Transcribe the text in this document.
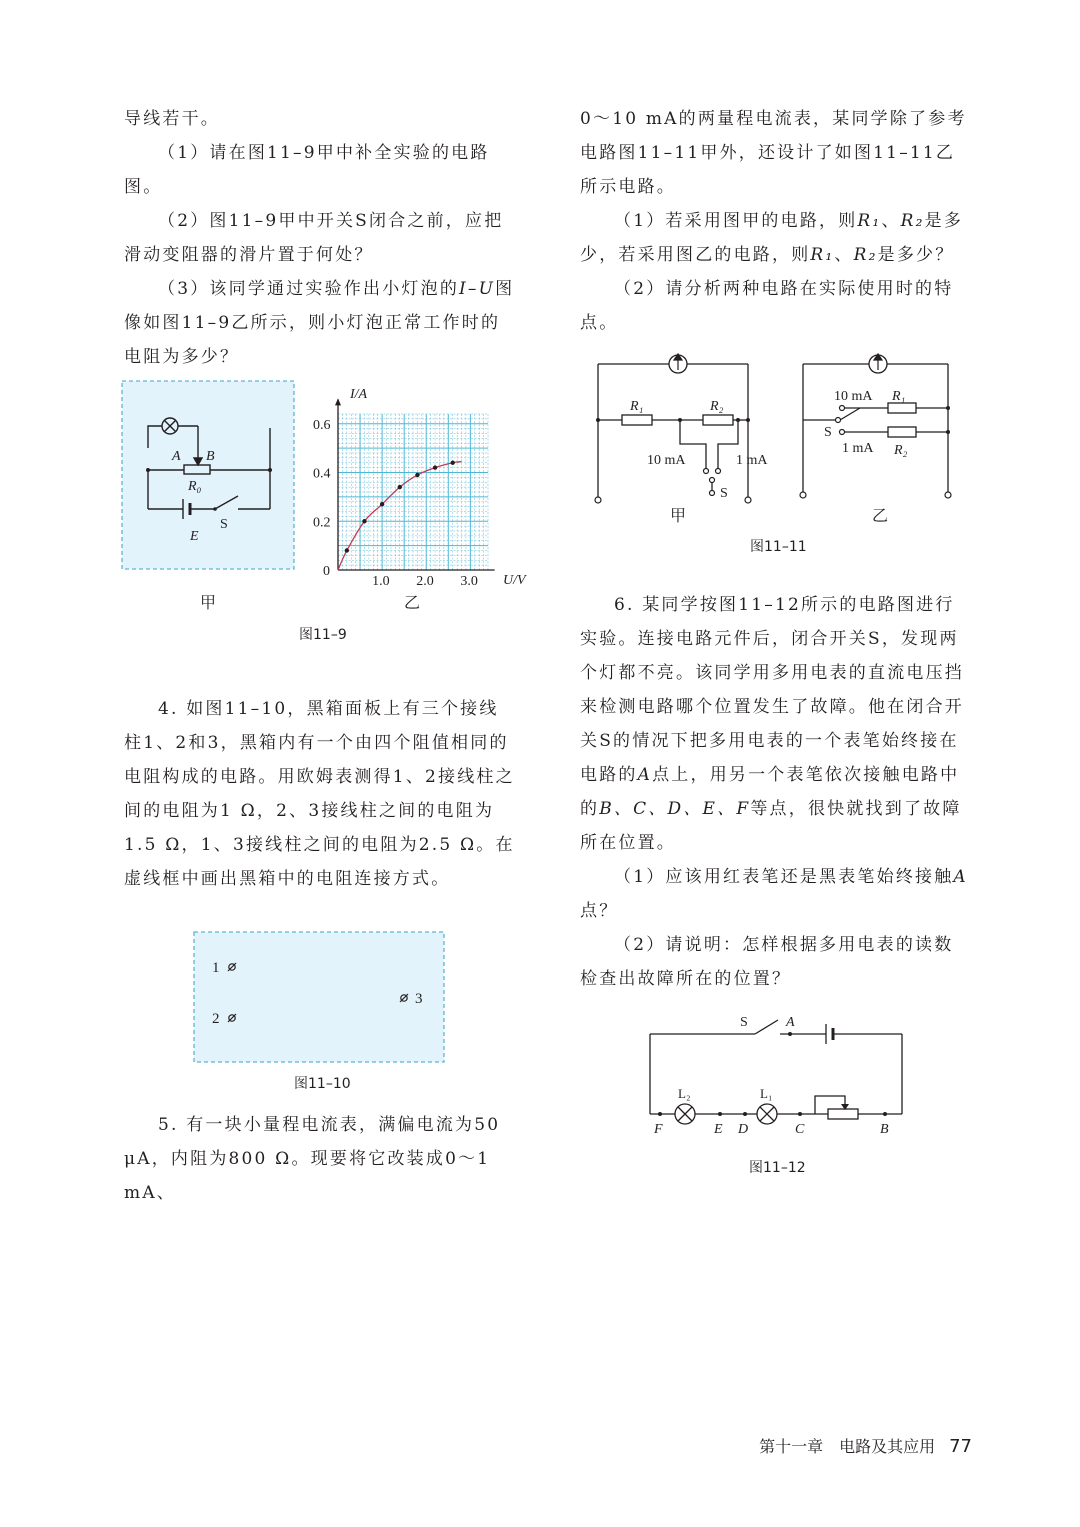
导线若干。

（1）请在图11–9甲中补全实验的电路图。

（2）图11–9甲中开关S闭合之前，应把滑动变阻器的滑片置于何处？

（3）该同学通过实验作出小灯泡的I–U图像如图11–9乙所示，则小灯泡正常工作时的电阻为多少？

A B
R₀
E
S
1.0 2.0 3.0
0.2
0.4
0.6
I/A
U/V
0
甲	乙
图11–9

4. 如图11–10，黑箱面板上有三个接线柱1、2和3，黑箱内有一个由四个阻值相同的电阻构成的电路。用欧姆表测得1、2接线柱之间的电阻为1 Ω，2、3接线柱之间的电阻为1.5 Ω，1、3接线柱之间的电阻为2.5 Ω。在虚线框中画出黑箱中的电阻连接方式。

1
2
3
图11–10

5. 有一块小量程电流表，满偏电流为50 μA，内阻为800 Ω。现要将它改装成0～1 mA、

0～10 mA的两量程电流表，某同学除了参考电路图11–11甲外，还设计了如图11–11乙所示电路。

（1）若采用图甲的电路，则R₁、R₂是多少，若采用图乙的电路，则R₁、R₂是多少？

（2）请分析两种电路在实际使用时的特点。

R₁	R₂
10 mA	1 mA
S
10 mA R₁
S
1 mA R₂
甲	乙
图11–11

6. 某同学按图11–12所示的电路图进行实验。连接电路元件后，闭合开关S，发现两个灯都不亮。该同学用多用电表的直流电压挡来检测电路哪个位置发生了故障。他在闭合开关S的情况下把多用电表的一个表笔始终接在电路的A点上，用另一个表笔依次接触电路中的B、C、D、E、F等点，很快就找到了故障所在位置。

（1）应该用红表笔还是黑表笔始终接触A点？

（2）请说明：怎样根据多用电表的读数检查出故障所在的位置？

S	A
L₂	L₁
F	E D	C	B
图11–12
第十一章　电路及其应用 77
